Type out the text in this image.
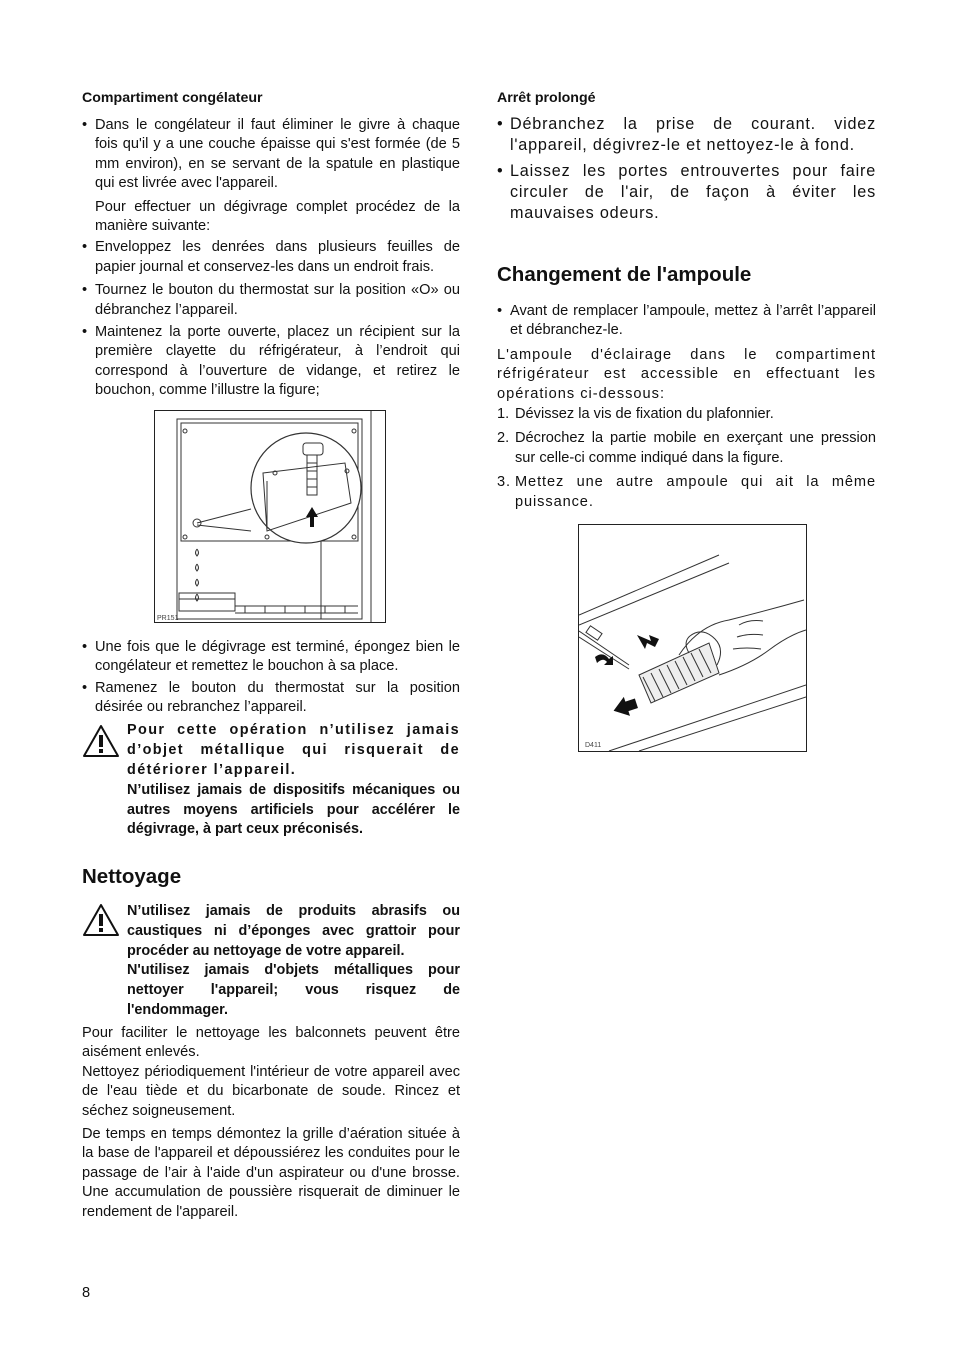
Compartiment congélateur

• Dans le congélateur il faut éliminer le givre à chaque fois qu'il y a une couche épaisse qui s'est formée (de 5 mm environ), en se servant de la spatule en plastique qui est livrée avec l'appareil.

Pour effectuer un dégivrage complet procédez de la manière suivante:

• Enveloppez les denrées dans plusieurs feuilles de papier journal et conservez-les dans un endroit frais.

• Tournez le bouton du thermostat sur la position «O» ou débranchez l’appareil.

• Maintenez la porte ouverte, placez un récipient sur la première clayette du réfrigérateur, à l’endroit qui correspond à l’ouverture de vidange, et retirez le bouchon, comme l’illustre la figure;

PR151

• Une fois que le dégivrage est terminé, épongez bien le congélateur et remettez le bouchon à sa place.

• Ramenez le bouton du thermostat sur la position désirée ou rebranchez l’appareil.

Pour cette opération n’utilisez jamais d’objet métallique qui risquerait de détériorer l’appareil.

N’utilisez jamais de dispositifs mécaniques ou autres moyens artificiels pour accélérer le dégivrage, à part ceux préconisés.

Nettoyage

N’utilisez jamais de produits abrasifs ou caustiques ni d’éponges avec grattoir pour procéder au nettoyage de votre appareil.

N'utilisez jamais d'objets métalliques pour nettoyer l'appareil; vous risquez de l'endommager.

Pour faciliter le nettoyage les balconnets peuvent être aisément enlevés.

Nettoyez périodiquement l'intérieur de votre appareil avec de l'eau tiède et du bicarbonate de soude. Rincez et séchez soigneusement.

De temps en temps démontez la grille d’aération située à la base de l'appareil et dépoussiérez les conduites pour le passage de l’air à l'aide d'un aspirateur ou d'une brosse. Une accumulation de poussière risquerait de diminuer le rendement de l'appareil.

Arrêt prolongé

• Débranchez la prise de courant. videz l'appareil, dégivrez-le et nettoyez-le à fond.

• Laissez les portes entrouvertes pour faire circuler de l'air, de façon à éviter les mauvaises odeurs.

Changement de l'ampoule

• Avant de remplacer l’ampoule, mettez à l’arrêt l’appareil et débranchez-le.

L'ampoule d'éclairage dans le compartiment réfrigérateur est accessible en effectuant les opérations ci-dessous:

1. Dévissez la vis de fixation du plafonnier.

2. Décrochez la partie mobile en exerçant une pression sur celle-ci comme indiqué dans la figure.

3. Mettez une autre ampoule qui ait la même puissance.

D411
8
